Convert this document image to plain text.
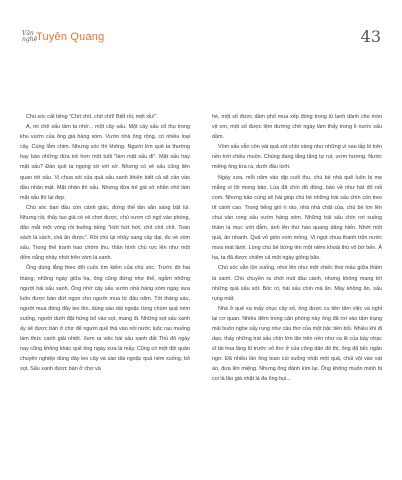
Văn
nghệ
Tuyên Quang	43

Chú sóc cất tiếng "Chít chít, chít chít! Biết rồi, mệt xỉu!".

A, mi chê xấu làm ta nhớ... một cây sấu. Một cây sấu cổ thụ trong khu vườn của ông già hàng xóm. Vườn nhà ông rộng, có nhiều loại cây. Cùng lắm chim. Nhưng sóc thì không. Người lớn quê ta thường hay bảo những đứa trẻ hơn một tuổi "làm mặt xấu đi". Mặt xấu hay mặt sấu? Đàn quê ta ngọng sờ với xờ. Nhưng có vẻ xấu cũng liên quan tới sấu. Vị chua sói của quả sấu xanh khiến biết cả sẽ cần vào đầu nhăn mặt. Mặt nhăn thì xấu. Nhưng đứa trẻ giả vờ nhăn nhó làm mặt xấu thì lại đẹp.

Chú sóc bạn đầu còn cảnh giác, đứng thế tần sẵn sàng bật lùi. Nhưng rồi, thấy tao giả có vẻ chơi được, chú vươn cổ ngó vào phòng, đảo mắt một vòng rồi buông tiếng "Hứt hứt hứt, chít chít chít. Toàn sách là sách, chả ăn được". Rồi chú lại nhảy sang cây đại, đu về vòm sấu. Trong thế tranh hao chớm thu, thân hình chú rực lên như một đốm nắng nhảy nhót trên vòm lá xanh.

Ông dùng lẳng theo dõi cuộc tìm kiếm của chú sóc. Trước đó hai tháng, những ngày giữa hạ, ông cũng đứng như thế, ngắm những người hái sấu xanh. Ông nhớ cây sấu vườn nhà hàng xóm ngày xưa luôn được bán đứt ngọn cho người mua từ đầu năm. Tới tháng sáu, người mua đóng đây leo lên, dùng sào dài ngoặc từng chùm quả ném xuống, người dưới đặt hứng bổ vào sọt, mang đi. Những sọt sấu xanh ấy sẽ được bán ở chợ để người quê thả vào nồi nước luộc rau muống làm thức canh giải nhiệt. Xem ra việc hái sấu xanh đất Thủ đô ngày nay cũng không khác quê ông ngày xưa là mấy. Cũng có một đội quân chuyên nghiệp dùng dây leo cây và sào dài ngoặc quả ném xuống, bỏ sọt. Sấu xanh được bán ở chợ và

hè, một số được dầm phố mua xếp đóng trong tủ lạnh dành cho món vịt om, một số được lệm đường chờ ngày làm thấy trong lì nước sấu dầm.

Vòm sấu vẫn còn vài quả sót chín vàng như những vì sao lấp ló trên nền trời chiều muộn. Chúng đang lắng lặng tự rụt, ươm hương. Nước miếng ông tứa ra, dưới đầu lưỡi.

Ngày xưa, mỗi năm vào dịp cuối thu, chú bé nhà quê luôn bị mẹ mắng vì lội mong bảo. Lúa đã chín đỏ đồng, bảo về như hát đổ nối com. Nhưng bảo cùng sẽ hái giúp chú bé những trái sấu chín còn treo tít cành cao. Trong tiếng gió rì rào, nhà nhà chật của, chú bé lon lên chui vào rong sấu vườn hàng xóm. Những trái sấu chín rơi xuống thảm lá mục ướt đẫm, ánh lên thứ hào quang dâng hiến. Nhớt một quả, ăn nhanh. Quả vỏ giòn vom mỏng. Vị ngọt chua thanh trộn nước mưa mát lành. Lòng chú bé bừng lên một niềm khoái thú vô bờ bến. À ha, ta đã được chiêm cả một ngày giông bão.

Chú sóc vẫn lộn xuống, nhoi lên như một chiếc thoi mầu giữa thảm lá xanh. Chú chuyền ra chót mút đầu cành, nhưng không mang tới những quả sấu sót. Bóc ơi, hái sấu chín mà ăn. Mày không ăn, sấu rụng mất.

Nhà ở quê xa mấy chục cây số, ông được cu tiên tâm việc và nghỉ lại cơ quan. Nhiều đêm trong căn phòng này ông đã rơi vào tâm trạng mải buồn nghe sấy rụng như câu thơ của một bậc tiền bối. Nhiều khi đi dạo, thấy những trái sấu chín lớn lăn trên nền như ca lê của bầy nhạc sĩ tài hoa lặng lũ trước vỏ thơ ở của công dân đô thị, ông đã tiếc ngẩn ngơ. Đã nhiều lần ông toan cúi xuống nhặt một quả, chùi vội vào vạt áo, đưa lên miệng. Nhưng ông đành kìm lại. Ông không muốn mình bị coi là lão già nhặt lá đa ông bụi...
